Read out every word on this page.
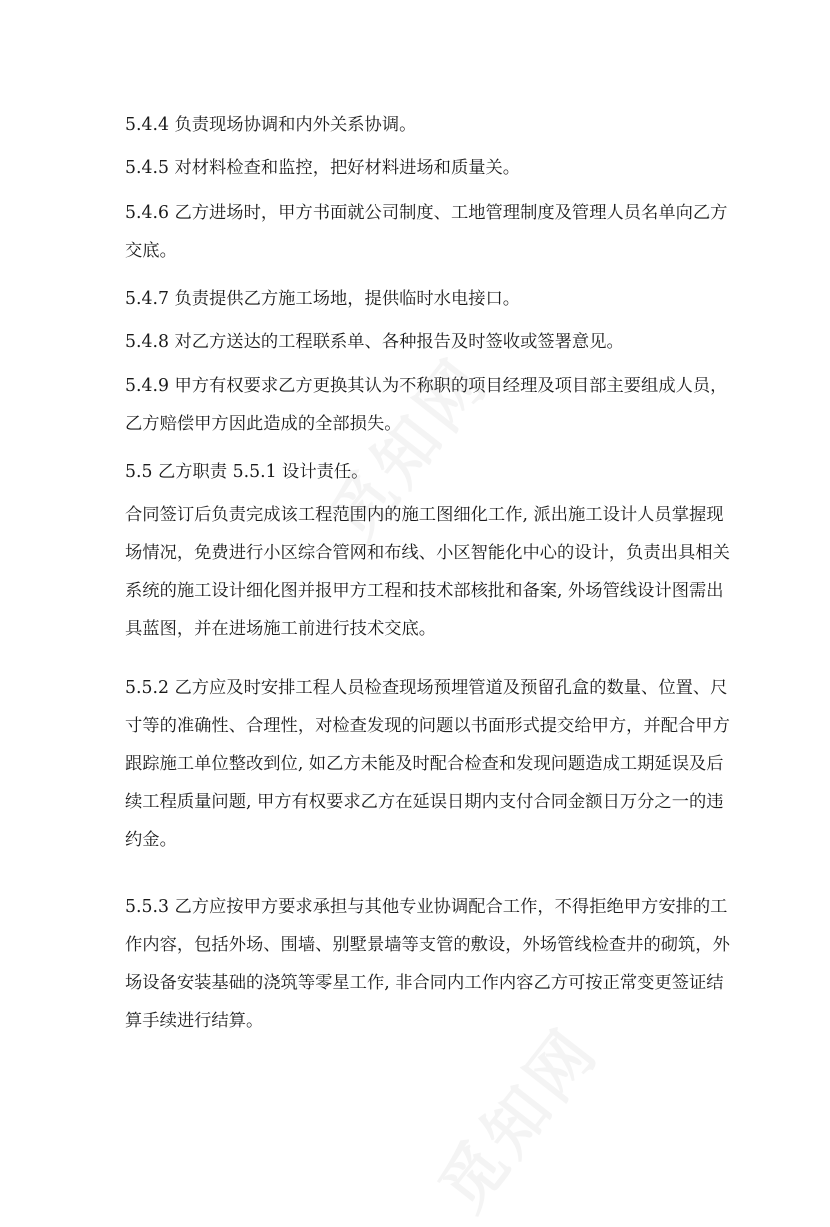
5.4.4 负责现场协调和内外关系协调。
5.4.5 对材料检查和监控，把好材料进场和质量关。
5.4.6 乙方进场时，甲方书面就公司制度、工地管理制度及管理人员名单向乙方
交底。
5.4.7 负责提供乙方施工场地，提供临时水电接口。
5.4.8 对乙方送达的工程联系单、各种报告及时签收或签署意见。
5.4.9 甲方有权要求乙方更换其认为不称职的项目经理及项目部主要组成人员，
乙方赔偿甲方因此造成的全部损失。
5.5 乙方职责 5.5.1 设计责任。
合同签订后负责完成该工程范围内的施工图细化工作, 派出施工设计人员掌握现
场情况，免费进行小区综合管网和布线、小区智能化中心的设计，负责出具相关
系统的施工设计细化图并报甲方工程和技术部核批和备案, 外场管线设计图需出
具蓝图，并在进场施工前进行技术交底。
5.5.2 乙方应及时安排工程人员检查现场预埋管道及预留孔盒的数量、位置、尺
寸等的准确性、合理性，对检查发现的问题以书面形式提交给甲方，并配合甲方
跟踪施工单位整改到位, 如乙方未能及时配合检查和发现问题造成工期延误及后
续工程质量问题, 甲方有权要求乙方在延误日期内支付合同金额日万分之一的违
约金。
5.5.3 乙方应按甲方要求承担与其他专业协调配合工作，不得拒绝甲方安排的工
作内容，包括外场、围墙、别墅景墙等支管的敷设，外场管线检查井的砌筑，外
场设备安装基础的浇筑等零星工作, 非合同内工作内容乙方可按正常变更签证结
算手续进行结算。
